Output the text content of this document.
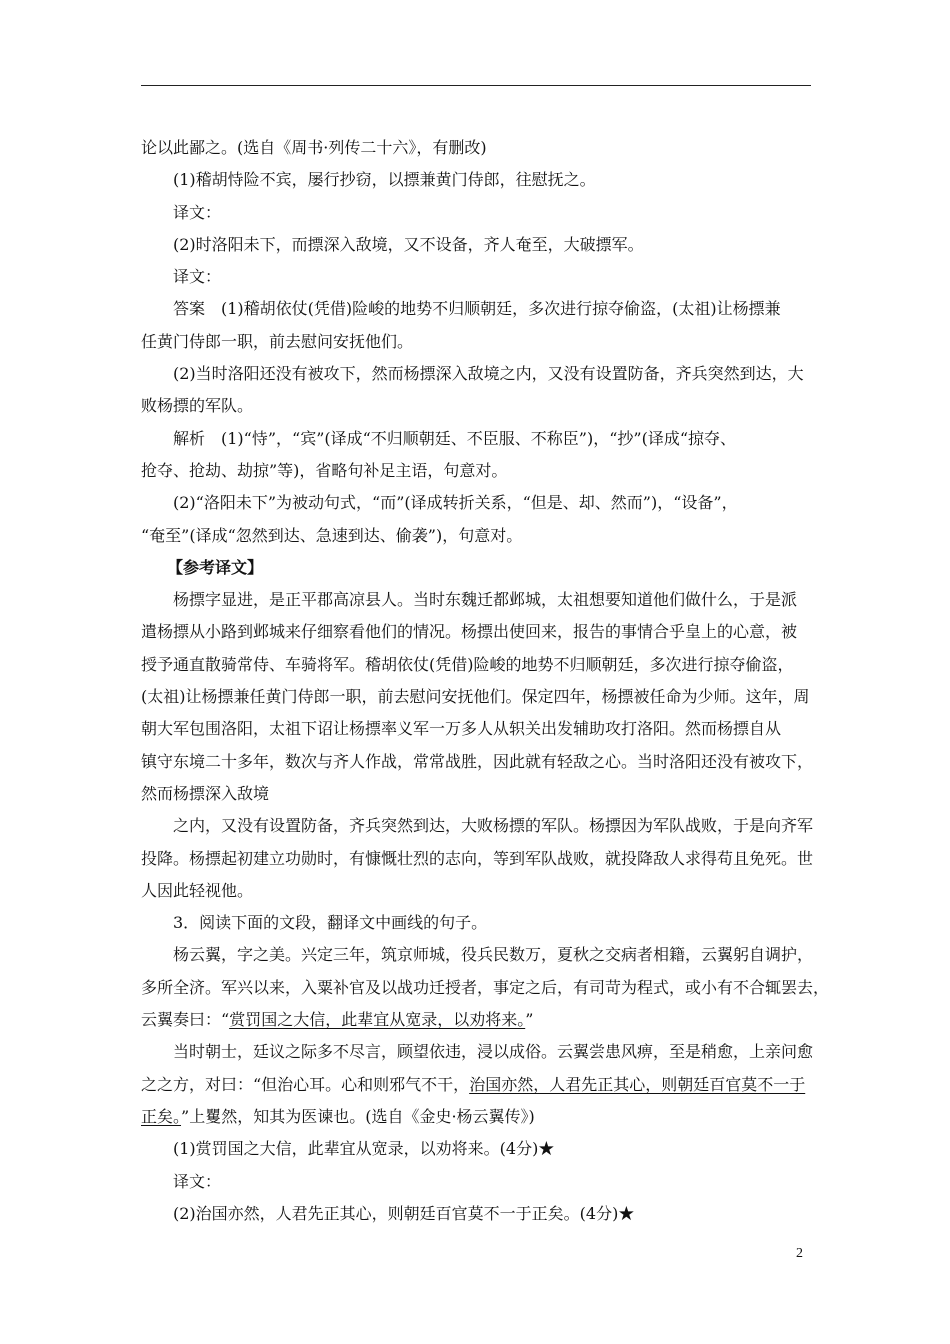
论以此鄙之。(选自《周书·列传二十六》，有删改)
(1)稽胡恃险不宾，屡行抄窃，以摽兼黄门侍郎，往慰抚之。
译文：
(2)时洛阳未下，而摽深入敌境，又不设备，齐人奄至，大破摽军。
译文：
答案　(1)稽胡依仗(凭借)险峻的地势不归顺朝廷，多次进行掠夺偷盗，(太祖)让杨摽兼
任黄门侍郎一职，前去慰问安抚他们。
(2)当时洛阳还没有被攻下，然而杨摽深入敌境之内，又没有设置防备，齐兵突然到达，大
败杨摽的军队。
解析　(1)“恃”，“宾”(译成“不归顺朝廷、不臣服、不称臣”)，“抄”(译成“掠夺、
抢夺、抢劫、劫掠”等)，省略句补足主语，句意对。
(2)“洛阳未下”为被动句式，“而”(译成转折关系，“但是、却、然而”)，“设备”，
“奄至”(译成“忽然到达、急速到达、偷袭”)，句意对。
【参考译文】
杨摽字显进，是正平郡高凉县人。当时东魏迁都邺城，太祖想要知道他们做什么，于是派
遣杨摽从小路到邺城来仔细察看他们的情况。杨摽出使回来，报告的事情合乎皇上的心意，被
授予通直散骑常侍、车骑将军。稽胡依仗(凭借)险峻的地势不归顺朝廷，多次进行掠夺偷盗，
(太祖)让杨摽兼任黄门侍郎一职，前去慰问安抚他们。保定四年，杨摽被任命为少师。这年，周
朝大军包围洛阳，太祖下诏让杨摽率义军一万多人从轵关出发辅助攻打洛阳。然而杨摽自从
镇守东境二十多年，数次与齐人作战，常常战胜，因此就有轻敌之心。当时洛阳还没有被攻下，
然而杨摽深入敌境
之内，又没有设置防备，齐兵突然到达，大败杨摽的军队。杨摽因为军队战败，于是向齐军
投降。杨摽起初建立功勋时，有慷慨壮烈的志向，等到军队战败，就投降敌人求得苟且免死。世
人因此轻视他。
3．阅读下面的文段，翻译文中画线的句子。
杨云翼，字之美。兴定三年，筑京师城，役兵民数万，夏秋之交病者相籍，云翼躬自调护，
多所全济。军兴以来，入粟补官及以战功迁授者，事定之后，有司苛为程式，或小有不合辄罢去，
云翼奏曰：“赏罚国之大信，此辈宜从宽录，以劝将来。”
当时朝士，廷议之际多不尽言，顾望依违，浸以成俗。云翼尝患风痹，至是稍愈，上亲问愈
之之方，对曰：“但治心耳。心和则邪气不干，治国亦然，人君先正其心，则朝廷百官莫不一于
正矣。”上矍然，知其为医谏也。(选自《金史·杨云翼传》)
(1)赏罚国之大信，此辈宜从宽录，以劝将来。(4分)★
译文：
(2)治国亦然，人君先正其心，则朝廷百官莫不一于正矣。(4分)★
2
